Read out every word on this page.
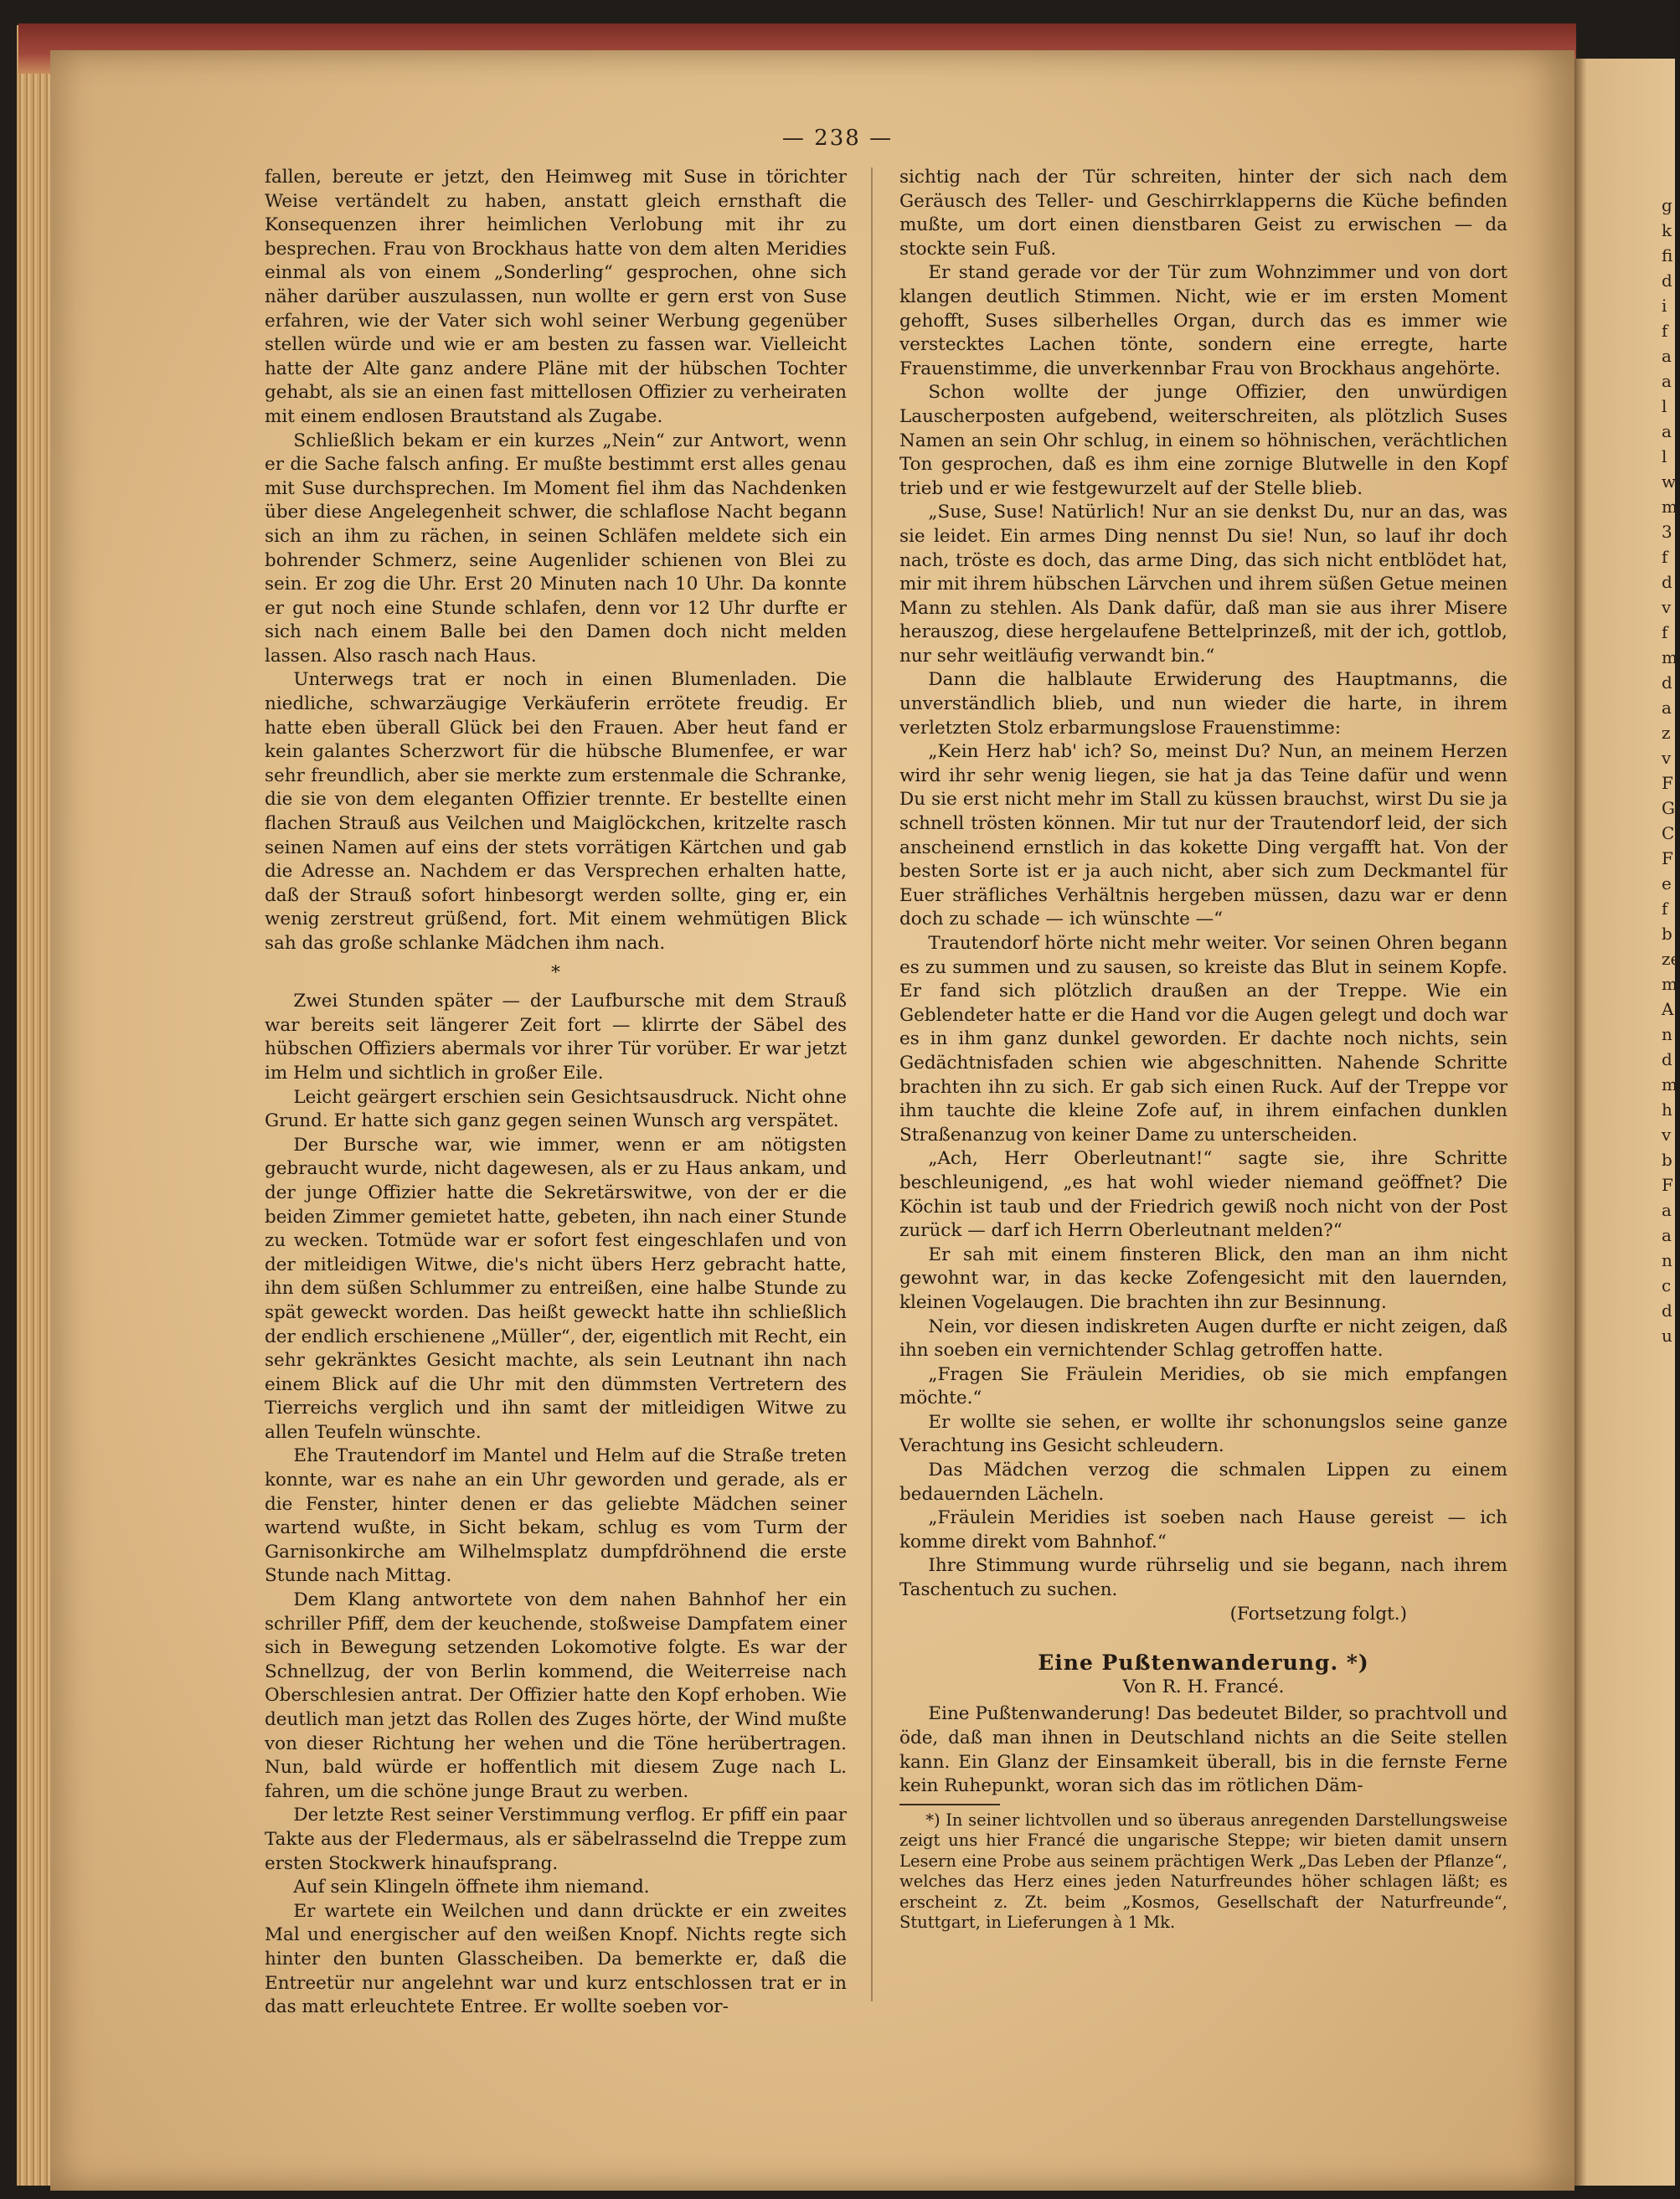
— 238 —

fallen, bereute er jetzt, den Heimweg mit Suse in törichter Weise vertändelt zu haben, anstatt gleich ernsthaft die Konsequenzen ihrer heimlichen Verlobung mit ihr zu besprechen. Frau von Brockhaus hatte von dem alten Meridies einmal als von einem „Sonderling“ gesprochen, ohne sich näher darüber auszulassen, nun wollte er gern erst von Suse erfahren, wie der Vater sich wohl seiner Werbung gegenüber stellen würde und wie er am besten zu fassen war. Vielleicht hatte der Alte ganz andere Pläne mit der hübschen Tochter gehabt, als sie an einen fast mittellosen Offizier zu verheiraten mit einem endlosen Brautstand als Zugabe.

Schließlich bekam er ein kurzes „Nein“ zur Antwort, wenn er die Sache falsch anfing. Er mußte bestimmt erst alles genau mit Suse durchsprechen. Im Moment fiel ihm das Nachdenken über diese Angelegenheit schwer, die schlaflose Nacht begann sich an ihm zu rächen, in seinen Schläfen meldete sich ein bohrender Schmerz, seine Augenlider schienen von Blei zu sein. Er zog die Uhr. Erst 20 Minuten nach 10 Uhr. Da konnte er gut noch eine Stunde schlafen, denn vor 12 Uhr durfte er sich nach einem Balle bei den Damen doch nicht melden lassen. Also rasch nach Haus.

Unterwegs trat er noch in einen Blumenladen. Die niedliche, schwarzäugige Verkäuferin errötete freudig. Er hatte eben überall Glück bei den Frauen. Aber heut fand er kein galantes Scherzwort für die hübsche Blumenfee, er war sehr freundlich, aber sie merkte zum erstenmale die Schranke, die sie von dem eleganten Offizier trennte. Er bestellte einen flachen Strauß aus Veilchen und Maiglöckchen, kritzelte rasch seinen Namen auf eins der stets vorrätigen Kärtchen und gab die Adresse an. Nachdem er das Versprechen erhalten hatte, daß der Strauß sofort hinbesorgt werden sollte, ging er, ein wenig zerstreut grüßend, fort. Mit einem wehmütigen Blick sah das große schlanke Mädchen ihm nach.

*

Zwei Stunden später — der Laufbursche mit dem Strauß war bereits seit längerer Zeit fort — klirrte der Säbel des hübschen Offiziers abermals vor ihrer Tür vorüber. Er war jetzt im Helm und sichtlich in großer Eile.

Leicht geärgert erschien sein Gesichtsausdruck. Nicht ohne Grund. Er hatte sich ganz gegen seinen Wunsch arg verspätet.

Der Bursche war, wie immer, wenn er am nötigsten gebraucht wurde, nicht dagewesen, als er zu Haus ankam, und der junge Offizier hatte die Sekretärswitwe, von der er die beiden Zimmer gemietet hatte, gebeten, ihn nach einer Stunde zu wecken. Totmüde war er sofort fest eingeschlafen und von der mitleidigen Witwe, die's nicht übers Herz gebracht hatte, ihn dem süßen Schlummer zu entreißen, eine halbe Stunde zu spät geweckt worden. Das heißt geweckt hatte ihn schließlich der endlich erschienene „Müller“, der, eigentlich mit Recht, ein sehr gekränktes Gesicht machte, als sein Leutnant ihn nach einem Blick auf die Uhr mit den dümmsten Vertretern des Tierreichs verglich und ihn samt der mitleidigen Witwe zu allen Teufeln wünschte.

Ehe Trautendorf im Mantel und Helm auf die Straße treten konnte, war es nahe an ein Uhr geworden und gerade, als er die Fenster, hinter denen er das geliebte Mädchen seiner wartend wußte, in Sicht bekam, schlug es vom Turm der Garnisonkirche am Wilhelmsplatz dumpfdröhnend die erste Stunde nach Mittag.

Dem Klang antwortete von dem nahen Bahnhof her ein schriller Pfiff, dem der keuchende, stoßweise Dampfatem einer sich in Bewegung setzenden Lokomotive folgte. Es war der Schnellzug, der von Berlin kommend, die Weiterreise nach Oberschlesien antrat. Der Offizier hatte den Kopf erhoben. Wie deutlich man jetzt das Rollen des Zuges hörte, der Wind mußte von dieser Richtung her wehen und die Töne herübertragen. Nun, bald würde er hoffentlich mit diesem Zuge nach L. fahren, um die schöne junge Braut zu werben.

Der letzte Rest seiner Verstimmung verflog. Er pfiff ein paar Takte aus der Fledermaus, als er säbelrasselnd die Treppe zum ersten Stockwerk hinaufsprang.

Auf sein Klingeln öffnete ihm niemand.

Er wartete ein Weilchen und dann drückte er ein zweites Mal und energischer auf den weißen Knopf. Nichts regte sich hinter den bunten Glasscheiben. Da bemerkte er, daß die Entreetür nur angelehnt war und kurz entschlossen trat er in das matt erleuchtete Entree. Er wollte soeben vor-

sichtig nach der Tür schreiten, hinter der sich nach dem Geräusch des Teller- und Geschirrklapperns die Küche befinden mußte, um dort einen dienstbaren Geist zu erwischen — da stockte sein Fuß.

Er stand gerade vor der Tür zum Wohnzimmer und von dort klangen deutlich Stimmen. Nicht, wie er im ersten Moment gehofft, Suses silberhelles Organ, durch das es immer wie verstecktes Lachen tönte, sondern eine erregte, harte Frauenstimme, die unverkennbar Frau von Brockhaus angehörte.

Schon wollte der junge Offizier, den unwürdigen Lauscherposten aufgebend, weiterschreiten, als plötzlich Suses Namen an sein Ohr schlug, in einem so höhnischen, verächtlichen Ton gesprochen, daß es ihm eine zornige Blutwelle in den Kopf trieb und er wie festgewurzelt auf der Stelle blieb.

„Suse, Suse! Natürlich! Nur an sie denkst Du, nur an das, was sie leidet. Ein armes Ding nennst Du sie! Nun, so lauf ihr doch nach, tröste es doch, das arme Ding, das sich nicht entblödet hat, mir mit ihrem hübschen Lärvchen und ihrem süßen Getue meinen Mann zu stehlen. Als Dank dafür, daß man sie aus ihrer Misere herauszog, diese hergelaufene Bettelprinzeß, mit der ich, gottlob, nur sehr weitläufig verwandt bin.“

Dann die halblaute Erwiderung des Hauptmanns, die unverständlich blieb, und nun wieder die harte, in ihrem verletzten Stolz erbarmungslose Frauenstimme:

„Kein Herz hab' ich? So, meinst Du? Nun, an meinem Herzen wird ihr sehr wenig liegen, sie hat ja das Teine dafür und wenn Du sie erst nicht mehr im Stall zu küssen brauchst, wirst Du sie ja schnell trösten können. Mir tut nur der Trautendorf leid, der sich anscheinend ernstlich in das kokette Ding vergafft hat. Von der besten Sorte ist er ja auch nicht, aber sich zum Deckmantel für Euer sträfliches Verhältnis hergeben müssen, dazu war er denn doch zu schade — ich wünschte —“

Trautendorf hörte nicht mehr weiter. Vor seinen Ohren begann es zu summen und zu sausen, so kreiste das Blut in seinem Kopfe. Er fand sich plötzlich draußen an der Treppe. Wie ein Geblendeter hatte er die Hand vor die Augen gelegt und doch war es in ihm ganz dunkel geworden. Er dachte noch nichts, sein Gedächtnisfaden schien wie abgeschnitten. Nahende Schritte brachten ihn zu sich. Er gab sich einen Ruck. Auf der Treppe vor ihm tauchte die kleine Zofe auf, in ihrem einfachen dunklen Straßenanzug von keiner Dame zu unterscheiden.

„Ach, Herr Oberleutnant!“ sagte sie, ihre Schritte beschleunigend, „es hat wohl wieder niemand geöffnet? Die Köchin ist taub und der Friedrich gewiß noch nicht von der Post zurück — darf ich Herrn Oberleutnant melden?“

Er sah mit einem finsteren Blick, den man an ihm nicht gewohnt war, in das kecke Zofengesicht mit den lauernden, kleinen Vogelaugen. Die brachten ihn zur Besinnung.

Nein, vor diesen indiskreten Augen durfte er nicht zeigen, daß ihn soeben ein vernichtender Schlag getroffen hatte.

„Fragen Sie Fräulein Meridies, ob sie mich empfangen möchte.“

Er wollte sie sehen, er wollte ihr schonungslos seine ganze Verachtung ins Gesicht schleudern.

Das Mädchen verzog die schmalen Lippen zu einem bedauernden Lächeln.

„Fräulein Meridies ist soeben nach Hause gereist — ich komme direkt vom Bahnhof.“

Ihre Stimmung wurde rührselig und sie begann, nach ihrem Taschentuch zu suchen.

(Fortsetzung folgt.)

Eine Pußtenwanderung. *)

Von R. H. Francé.

Eine Pußtenwanderung! Das bedeutet Bilder, so prachtvoll und öde, daß man ihnen in Deutschland nichts an die Seite stellen kann. Ein Glanz der Einsamkeit überall, bis in die fernste Ferne kein Ruhepunkt, woran sich das im rötlichen Däm-

*) In seiner lichtvollen und so überaus anregenden Darstellungsweise zeigt uns hier Francé die ungarische Steppe; wir bieten damit unsern Lesern eine Probe aus seinem prächtigen Werk „Das Leben der Pflanze“, welches das Herz eines jeden Naturfreundes höher schlagen läßt; es erscheint z. Zt. beim „Kosmos, Gesellschaft der Naturfreunde“, Stuttgart, in Lieferungen à 1 Mk.

g
k
fi
d
i
f
a
a
l
a
l
w
m
3
f
d
v
f
m
d
a
z
v
F
G
C
F
e
f
b
ze
m
A
n
d
m
h
v
b
F
a
a
n
c
d
u
